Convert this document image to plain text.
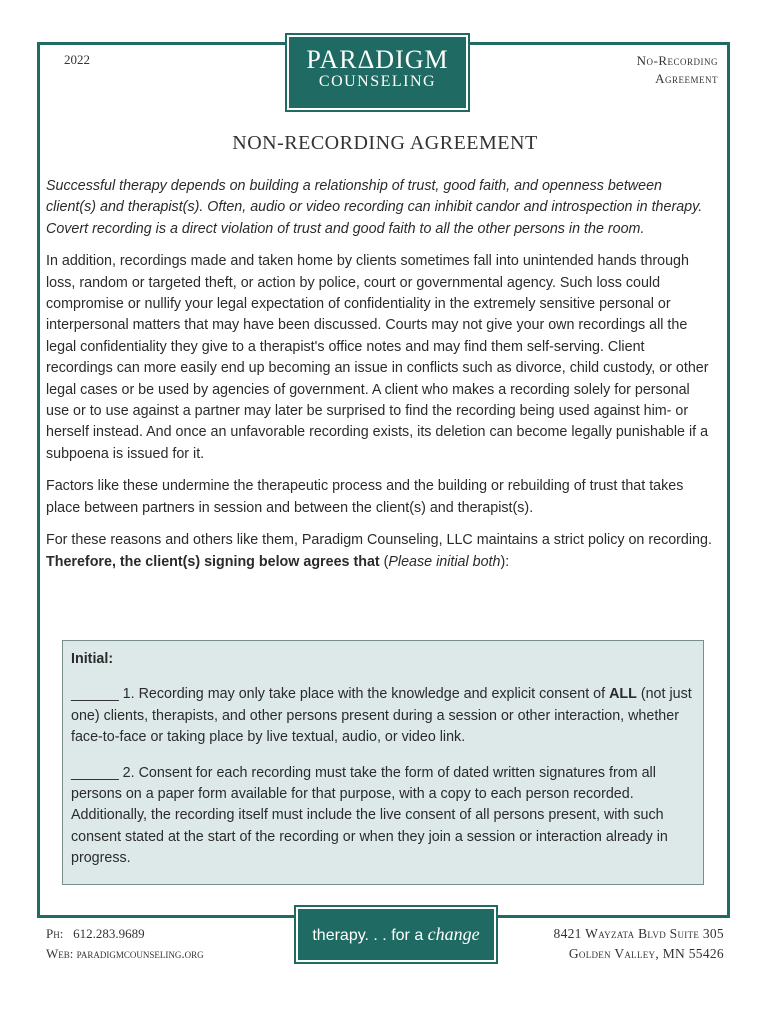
2022	PARΔDIGM
COUNSELING
No-Recording
Agreement
NON-RECORDING AGREEMENT

Successful therapy depends on building a relationship of trust, good faith, and openness between client(s) and therapist(s). Often, audio or video recording can inhibit candor and introspection in therapy. Covert recording is a direct violation of trust and good faith to all the other persons in the room.

In addition, recordings made and taken home by clients sometimes fall into unintended hands through loss, random or targeted theft, or action by police, court or governmental agency. Such loss could compromise or nullify your legal expectation of confidentiality in the extremely sensitive personal or interpersonal matters that may have been discussed. Courts may not give your own recordings all the legal confidentiality they give to a therapist's office notes and may find them self-serving. Client recordings can more easily end up becoming an issue in conflicts such as divorce, child custody, or other legal cases or be used by agencies of government. A client who makes a recording solely for personal use or to use against a partner may later be surprised to find the recording being used against him- or herself instead. And once an unfavorable recording exists, its deletion can become legally punishable if a subpoena is issued for it.

Factors like these undermine the therapeutic process and the building or rebuilding of trust that takes place between partners in session and between the client(s) and therapist(s).

For these reasons and others like them, Paradigm Counseling, LLC maintains a strict policy on recording. Therefore, the client(s) signing below agrees that (Please initial both):

Initial:

______ 1. Recording may only take place with the knowledge and explicit consent of ALL (not just one) clients, therapists, and other persons present during a session or other interaction, whether face-to-face or taking place by live textual, audio, or video link.

______ 2. Consent for each recording must take the form of dated written signatures from all persons on a paper form available for that purpose, with a copy to each person recorded. Additionally, the recording itself must include the live consent of all persons present, with such consent stated at the start of the recording or when they join a session or interaction already in progress.

Ph: 612.283.9689
Web: paradigmcounseling.org
therapy. . . for a change	8421 Wayzata Blvd Suite 305
Golden Valley, MN 55426
